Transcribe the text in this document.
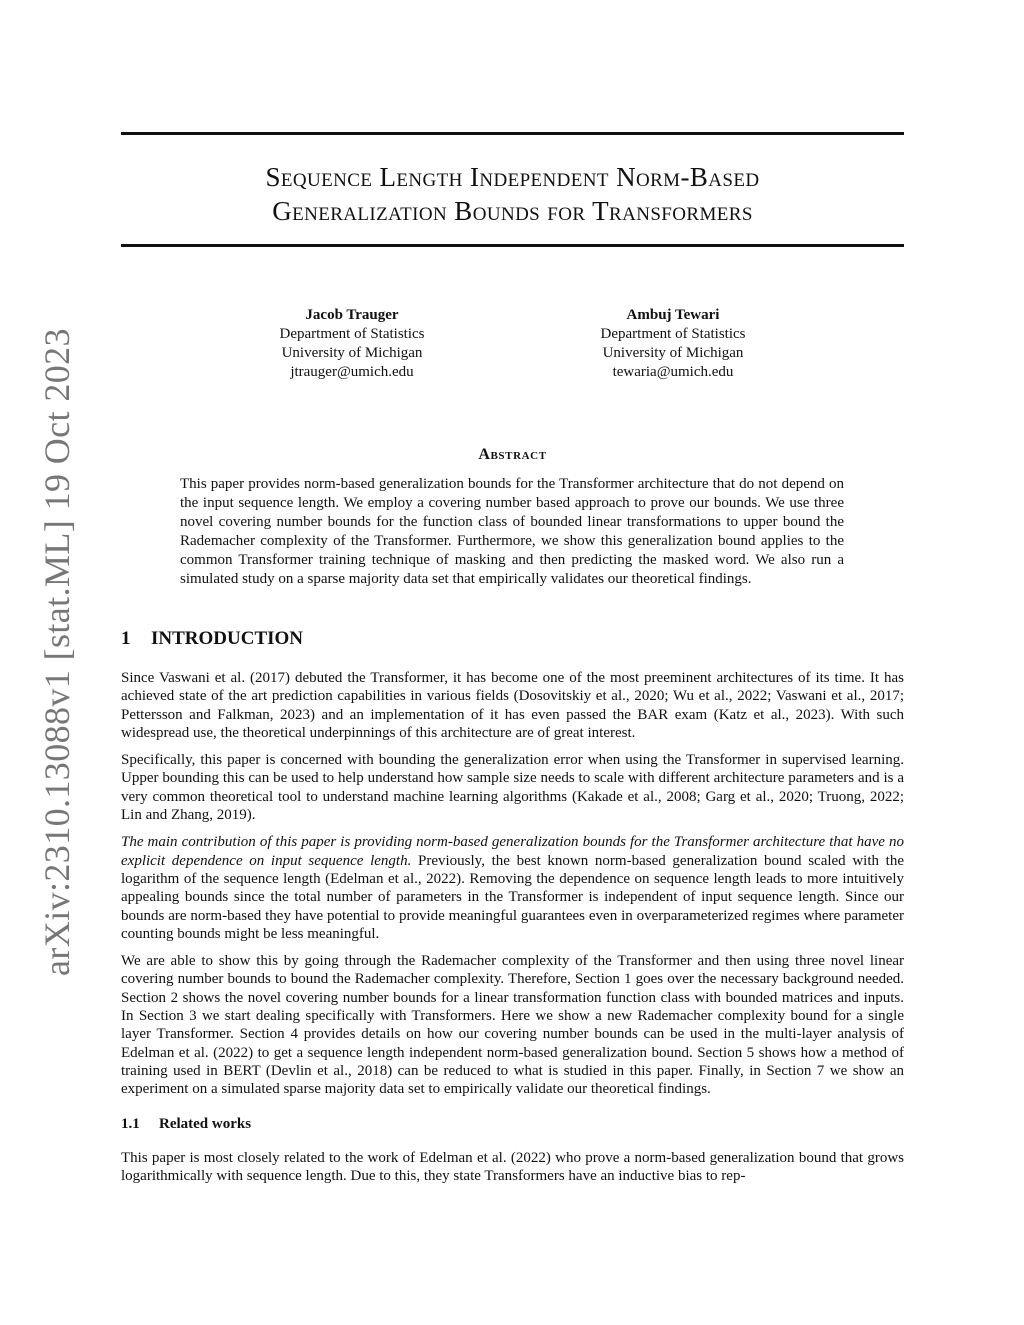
arXiv:2310.13088v1 [stat.ML] 19 Oct 2023
Sequence Length Independent Norm-Based
Generalization Bounds for Transformers
Jacob Trauger
Department of Statistics
University of Michigan
jtrauger@umich.edu
Ambuj Tewari
Department of Statistics
University of Michigan
tewaria@umich.edu
Abstract
This paper provides norm-based generalization bounds for the Transformer architecture that do not depend on the input sequence length. We employ a covering number based approach to prove our bounds. We use three novel covering number bounds for the function class of bounded linear transformations to upper bound the Rademacher complexity of the Transformer. Furthermore, we show this generalization bound applies to the common Transformer training technique of masking and then predicting the masked word. We also run a simulated study on a sparse majority data set that empirically validates our theoretical findings.
1 INTRODUCTION

Since Vaswani et al. (2017) debuted the Transformer, it has become one of the most preeminent architectures of its time. It has achieved state of the art prediction capabilities in various fields (Dosovitskiy et al., 2020; Wu et al., 2022; Vaswani et al., 2017; Pettersson and Falkman, 2023) and an implementation of it has even passed the BAR exam (Katz et al., 2023). With such widespread use, the theoretical underpinnings of this architecture are of great interest.

Specifically, this paper is concerned with bounding the generalization error when using the Transformer in supervised learning. Upper bounding this can be used to help understand how sample size needs to scale with different architecture parameters and is a very common theoretical tool to understand machine learning algorithms (Kakade et al., 2008; Garg et al., 2020; Truong, 2022; Lin and Zhang, 2019).

The main contribution of this paper is providing norm-based generalization bounds for the Transformer architecture that have no explicit dependence on input sequence length. Previously, the best known norm-based generalization bound scaled with the logarithm of the sequence length (Edelman et al., 2022). Removing the dependence on sequence length leads to more intuitively appealing bounds since the total number of parameters in the Transformer is independent of input sequence length. Since our bounds are norm-based they have potential to provide meaningful guarantees even in overparameterized regimes where parameter counting bounds might be less meaningful.

We are able to show this by going through the Rademacher complexity of the Transformer and then using three novel linear covering number bounds to bound the Rademacher complexity. Therefore, Section 1 goes over the necessary background needed. Section 2 shows the novel covering number bounds for a linear transformation function class with bounded matrices and inputs. In Section 3 we start dealing specifically with Transformers. Here we show a new Rademacher complexity bound for a single layer Transformer. Section 4 provides details on how our covering number bounds can be used in the multi-layer analysis of Edelman et al. (2022) to get a sequence length independent norm-based generalization bound. Section 5 shows how a method of training used in BERT (Devlin et al., 2018) can be reduced to what is studied in this paper. Finally, in Section 7 we show an experiment on a simulated sparse majority data set to empirically validate our theoretical findings.

1.1 Related works

This paper is most closely related to the work of Edelman et al. (2022) who prove a norm-based generalization bound that grows logarithmically with sequence length. Due to this, they state Transformers have an inductive bias to rep-
